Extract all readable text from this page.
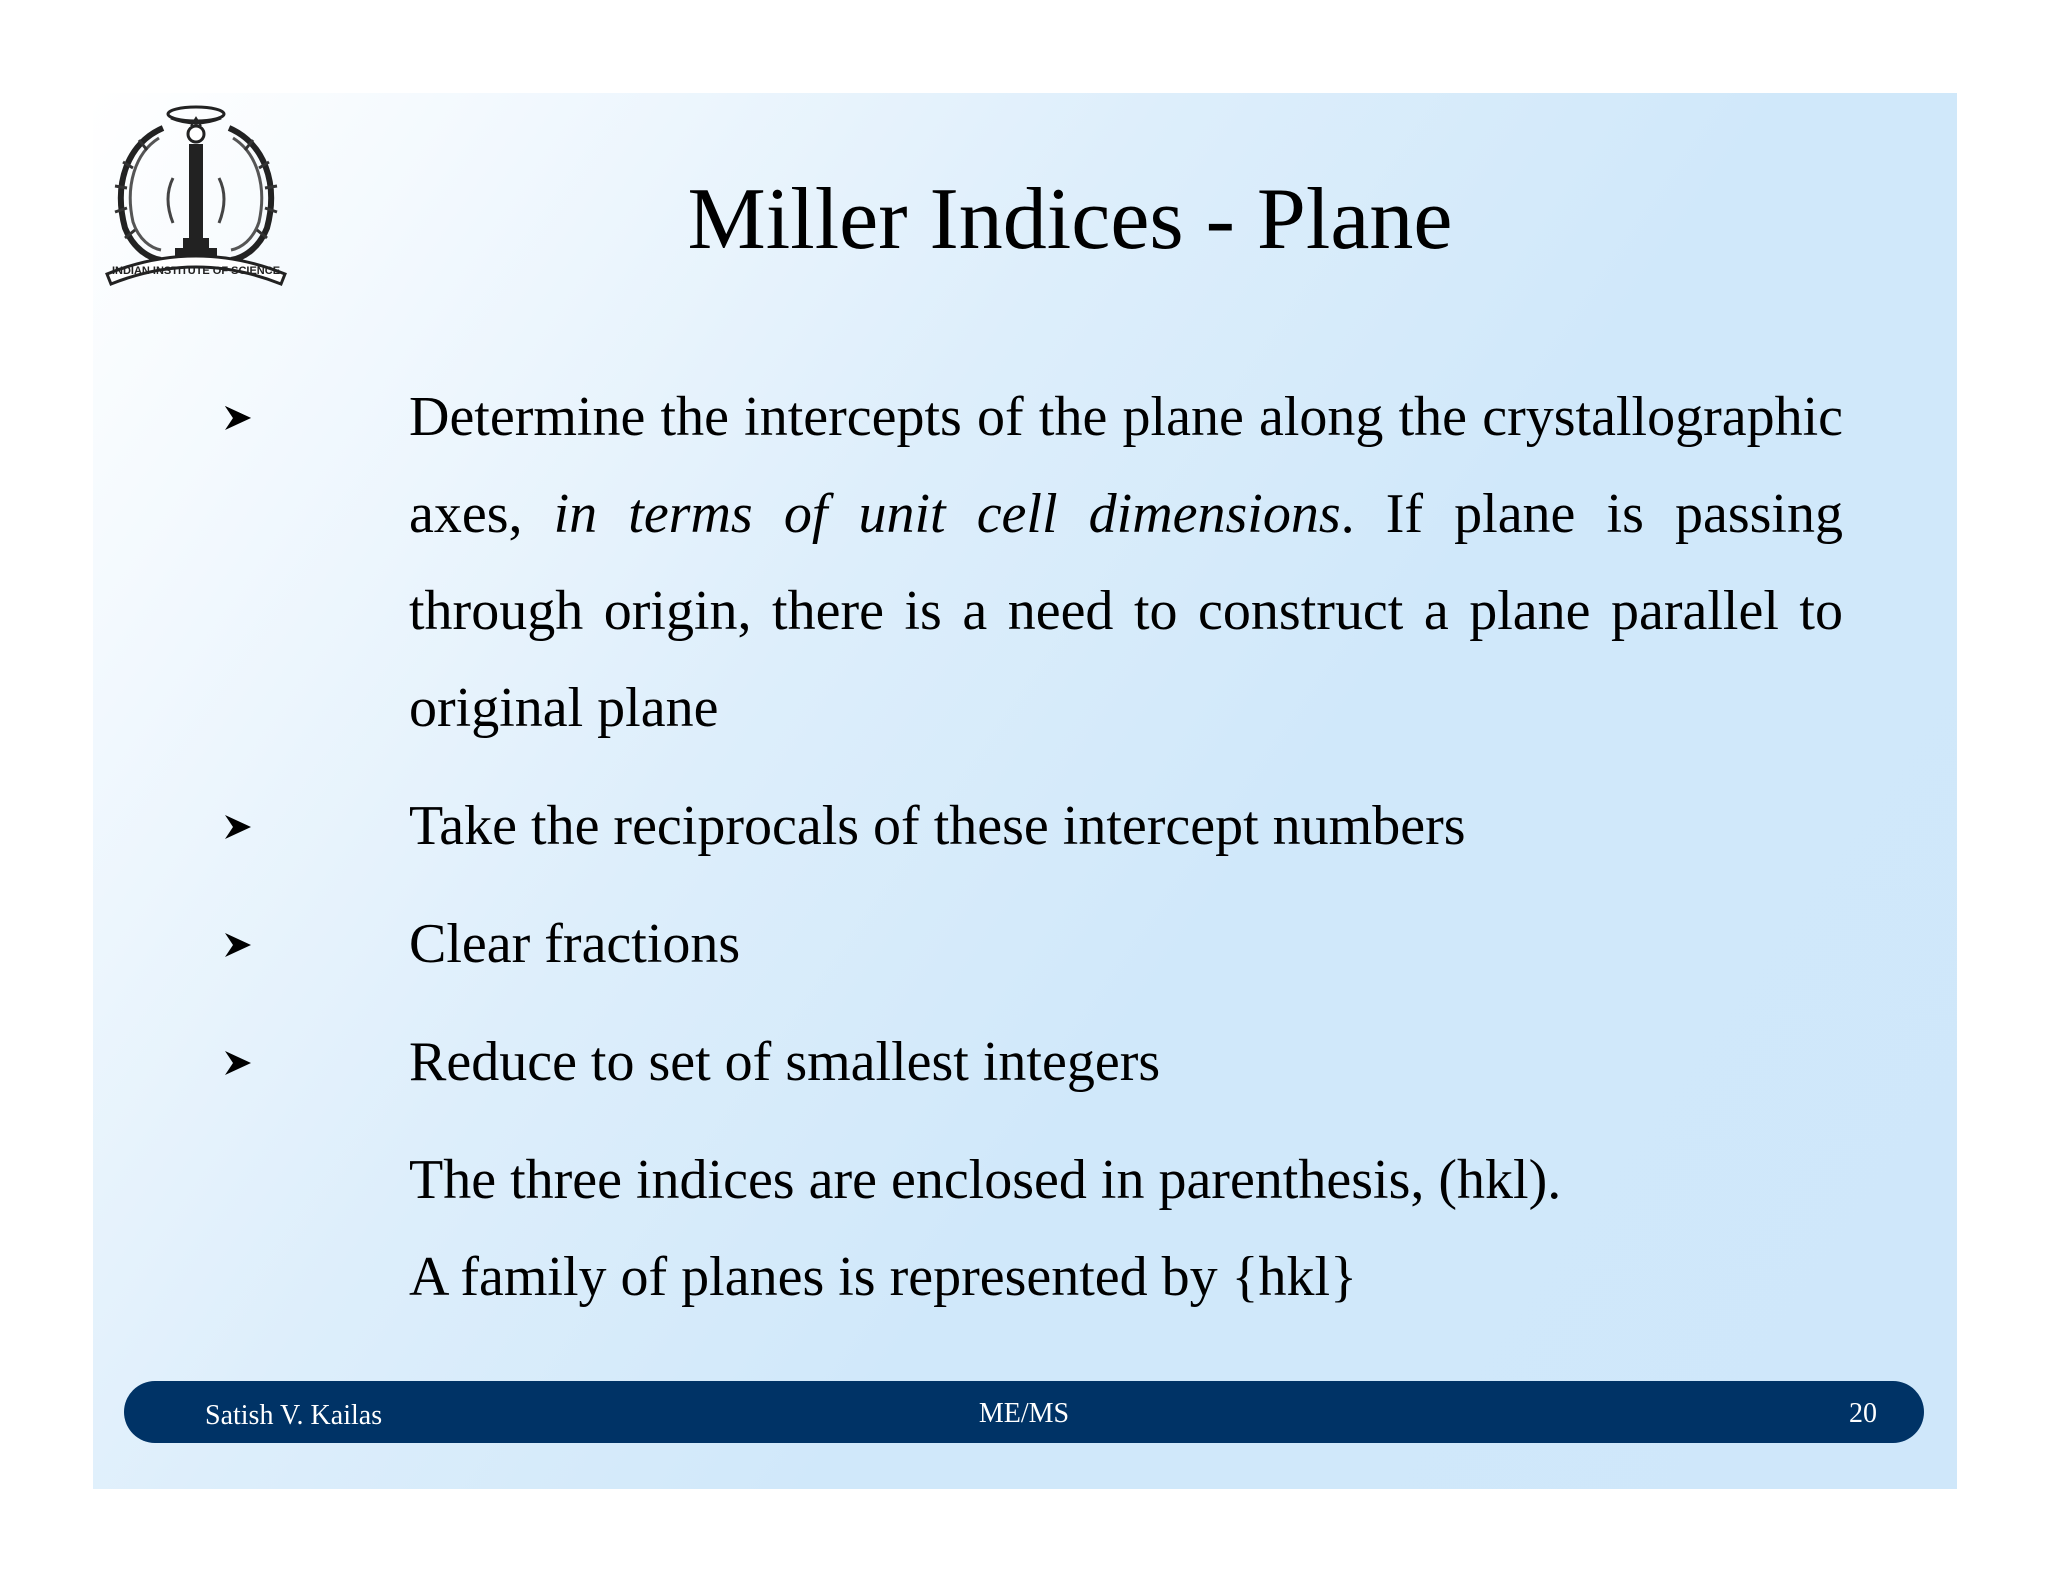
INDIAN INSTITUTE OF SCIENCE
Miller Indices - Plane
Determine the intercepts of the plane along the crystallographic axes, in terms of unit cell dimensions. If plane is passing through origin, there is a need to construct a plane parallel to original plane
Take the reciprocals of these intercept numbers
Clear fractions
Reduce to set of smallest integers
The three indices are enclosed in parenthesis, (hkl).
A family of planes is represented by {hkl}
Satish V. Kailas	ME/MS	20
